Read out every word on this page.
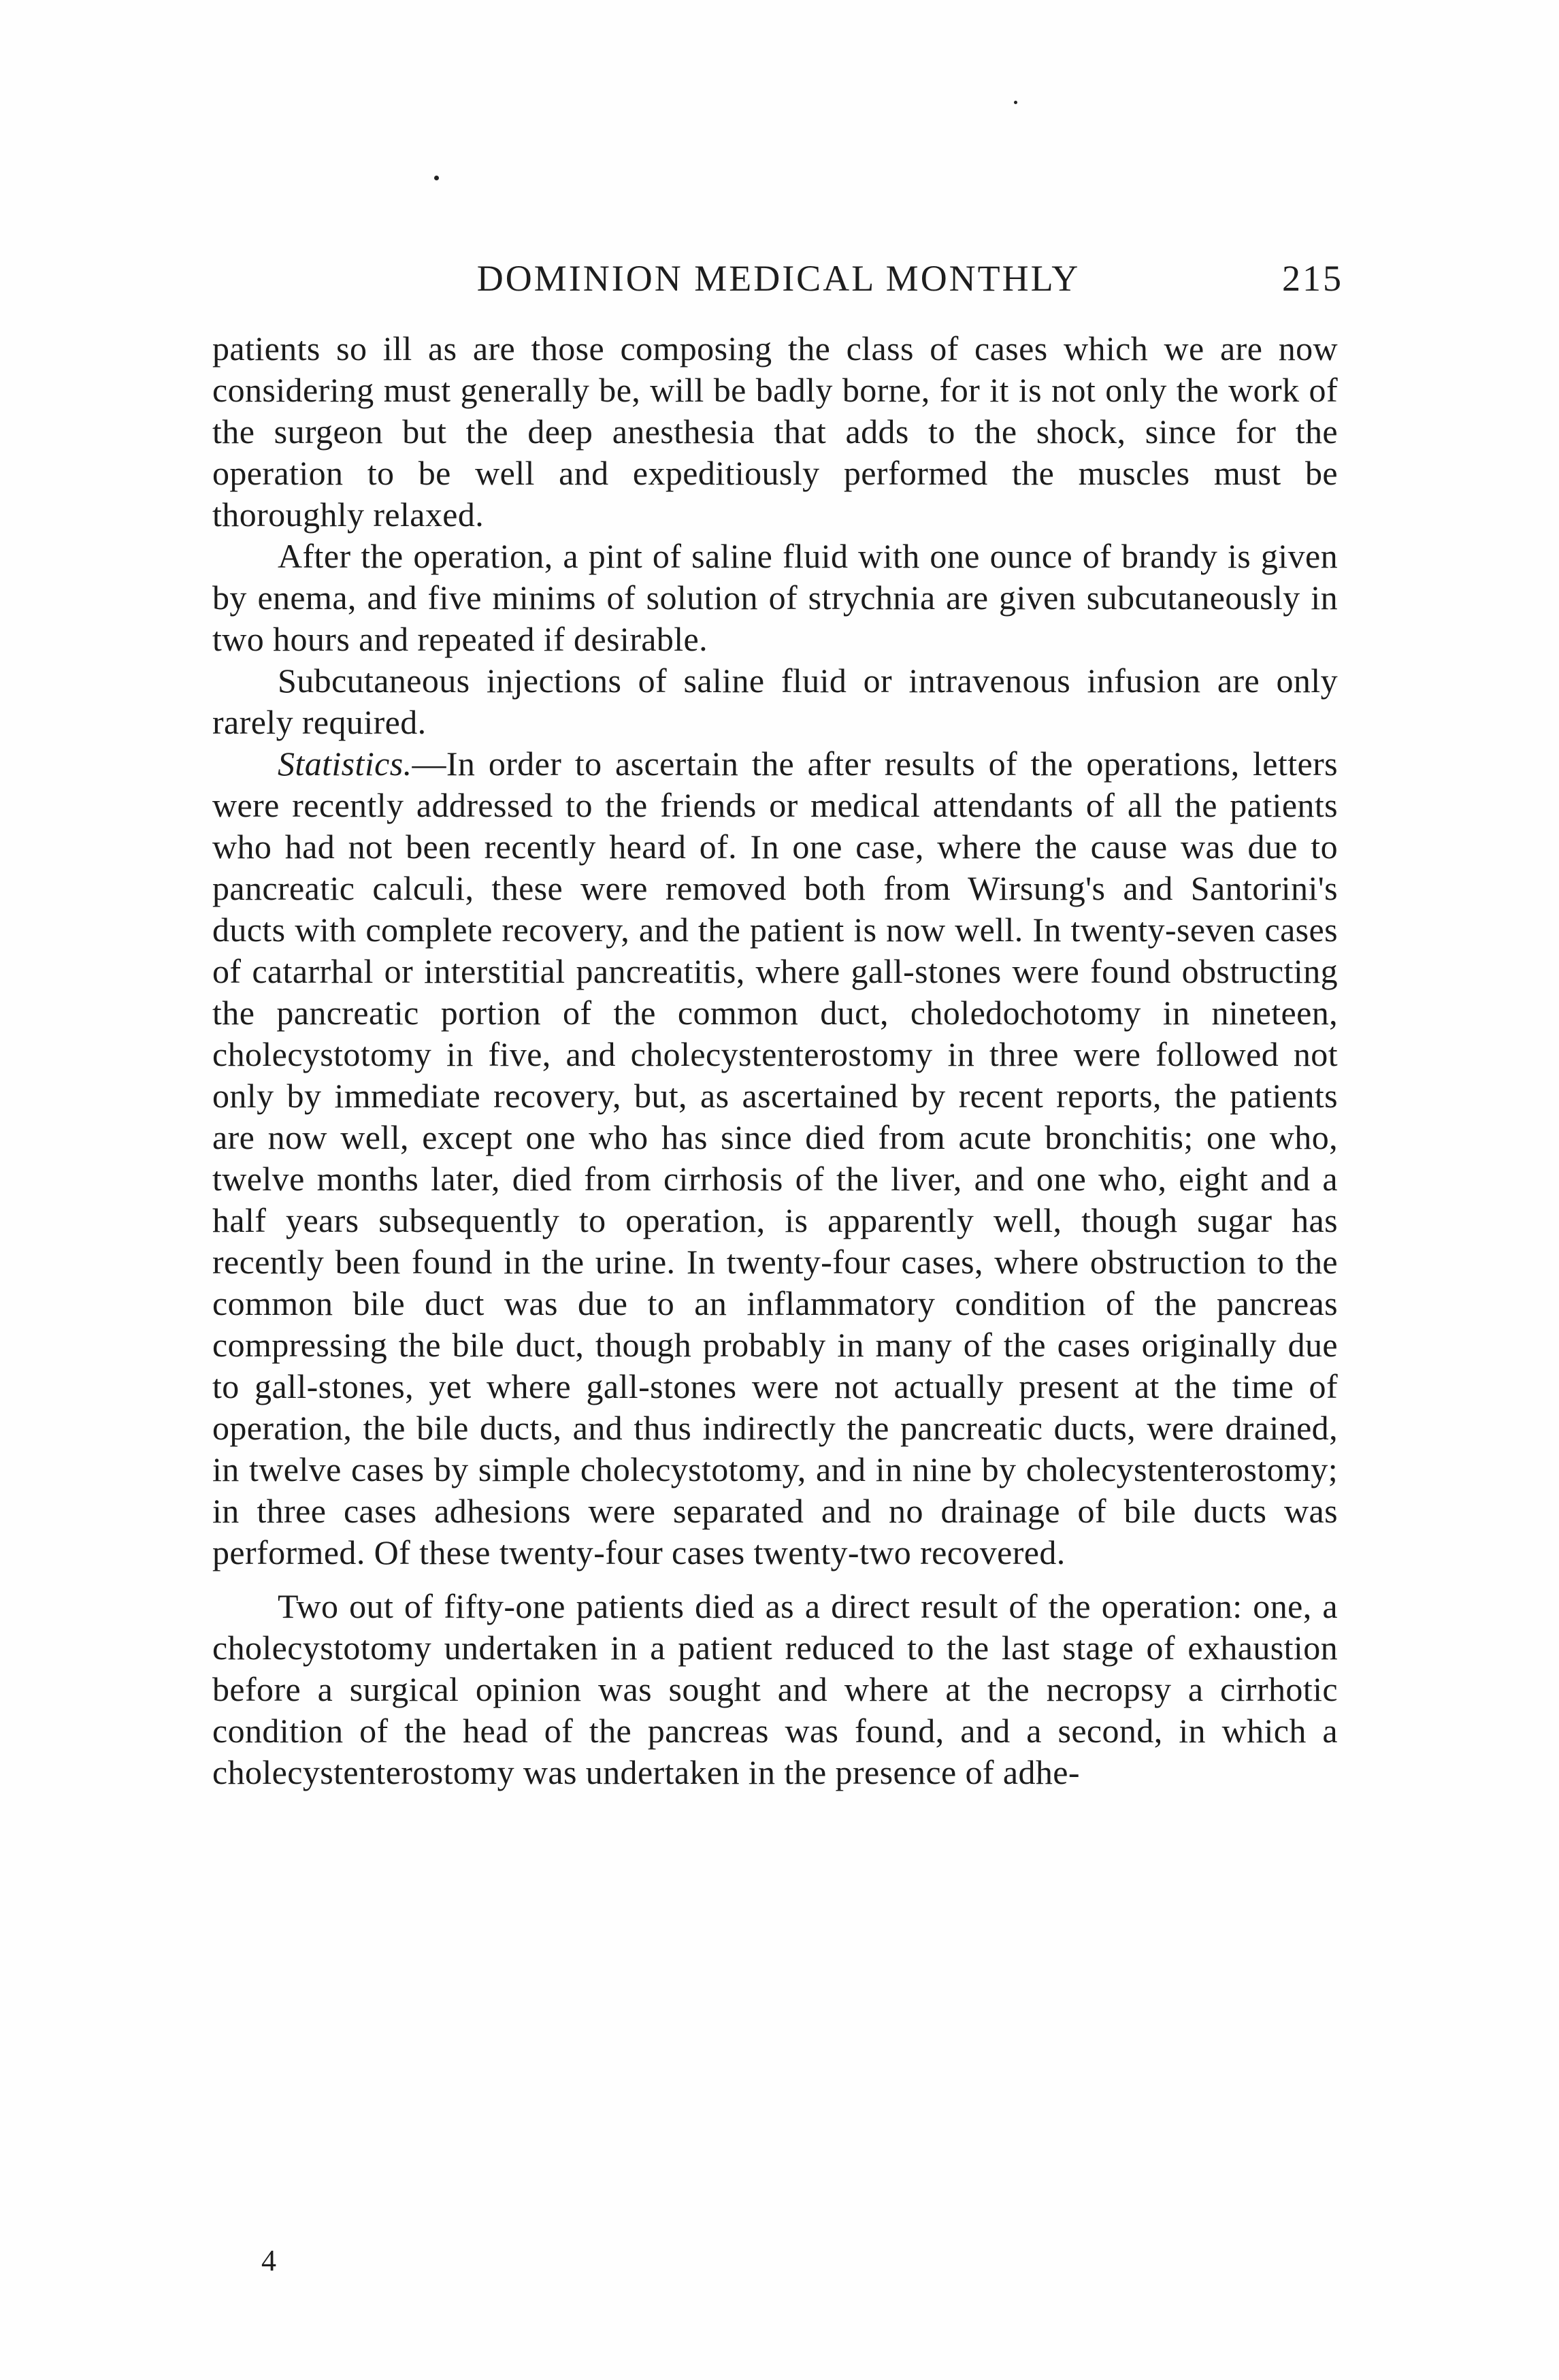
DOMINION MEDICAL MONTHLY	215

patients so ill as are those composing the class of cases which we are now considering must generally be, will be badly borne, for it is not only the work of the surgeon but the deep anesthesia that adds to the shock, since for the operation to be well and expeditiously performed the muscles must be thoroughly relaxed.

After the operation, a pint of saline fluid with one ounce of brandy is given by enema, and five minims of solution of strychnia are given subcutaneously in two hours and repeated if desirable.

Subcutaneous injections of saline fluid or intravenous infusion are only rarely required.

Statistics.—In order to ascertain the after results of the operations, letters were recently addressed to the friends or medical attendants of all the patients who had not been recently heard of. In one case, where the cause was due to pancreatic calculi, these were removed both from Wirsung's and Santorini's ducts with complete recovery, and the patient is now well. In twenty-seven cases of catarrhal or interstitial pancreatitis, where gall-stones were found obstructing the pancreatic portion of the common duct, choledochotomy in nineteen, cholecystotomy in five, and cholecystenterostomy in three were followed not only by immediate recovery, but, as ascertained by recent reports, the patients are now well, except one who has since died from acute bronchitis; one who, twelve months later, died from cirrhosis of the liver, and one who, eight and a half years subsequently to operation, is apparently well, though sugar has recently been found in the urine. In twenty-four cases, where obstruction to the common bile duct was due to an inflammatory condition of the pancreas compressing the bile duct, though probably in many of the cases originally due to gall-stones, yet where gall-stones were not actually present at the time of operation, the bile ducts, and thus indirectly the pancreatic ducts, were drained, in twelve cases by simple cholecystotomy, and in nine by cholecystenterostomy; in three cases adhesions were separated and no drainage of bile ducts was performed. Of these twenty-four cases twenty-two recovered.

Two out of fifty-one patients died as a direct result of the operation: one, a cholecystotomy undertaken in a patient reduced to the last stage of exhaustion before a surgical opinion was sought and where at the necropsy a cirrhotic condition of the head of the pancreas was found, and a second, in which a cholecystenterostomy was undertaken in the presence of adhe-

4
